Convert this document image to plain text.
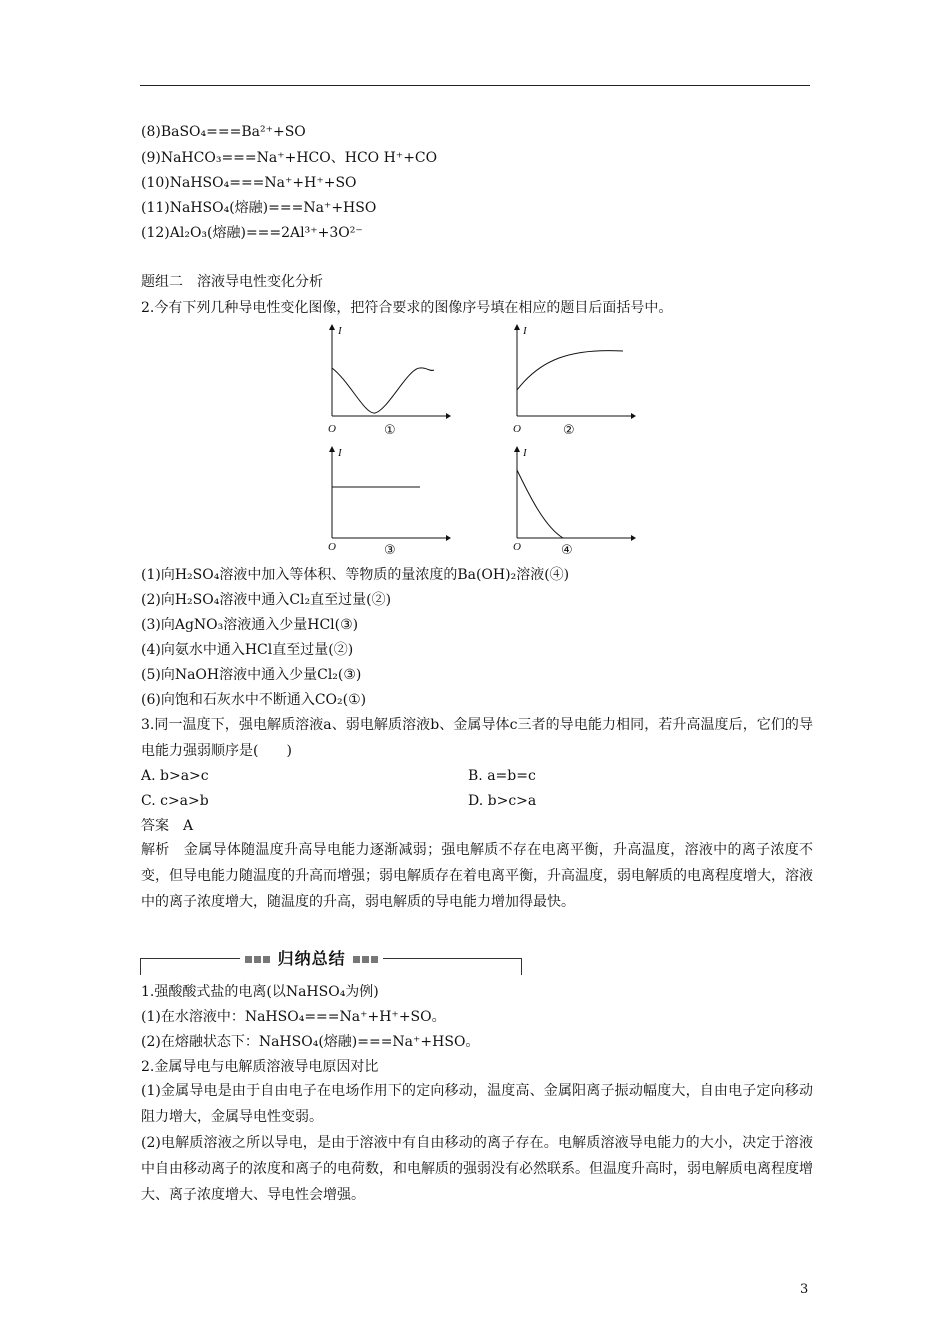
(8)BaSO₄===Ba²⁺+SO
(9)NaHCO₃===Na⁺+HCO、HCO H⁺+CO
(10)NaHSO₄===Na⁺+H⁺+SO
(11)NaHSO₄(熔融)===Na⁺+HSO
(12)Al₂O₃(熔融)===2Al³⁺+3O²⁻
题组二　溶液导电性变化分析
2.今有下列几种导电性变化图像，把符合要求的图像序号填在相应的题目后面括号中。
I
O	①
I
O	②
I
O	③
I
O	④
(1)向H₂SO₄溶液中加入等体积、等物质的量浓度的Ba(OH)₂溶液(④)
(2)向H₂SO₄溶液中通入Cl₂直至过量(②)
(3)向AgNO₃溶液通入少量HCl(③)
(4)向氨水中通入HCl直至过量(②)
(5)向NaOH溶液中通入少量Cl₂(③)
(6)向饱和石灰水中不断通入CO₂(①)
3.同一温度下，强电解质溶液a、弱电解质溶液b、金属导体c三者的导电能力相同，若升高温度后，它们的导电能力强弱顺序是(　　)
A. b>a>c	B. a=b=c
C. c>a>b	D. b>c>a
答案　A
解析　金属导体随温度升高导电能力逐渐减弱；强电解质不存在电离平衡，升高温度，溶液中的离子浓度不变，但导电能力随温度的升高而增强；弱电解质存在着电离平衡，升高温度，弱电解质的电离程度增大，溶液中的离子浓度增大，随温度的升高，弱电解质的导电能力增加得最快。
归纳总结
1.强酸酸式盐的电离(以NaHSO₄为例)
(1)在水溶液中：NaHSO₄===Na⁺+H⁺+SO。
(2)在熔融状态下：NaHSO₄(熔融)===Na⁺+HSO。
2.金属导电与电解质溶液导电原因对比
(1)金属导电是由于自由电子在电场作用下的定向移动，温度高、金属阳离子振动幅度大，自由电子定向移动阻力增大，金属导电性变弱。
(2)电解质溶液之所以导电，是由于溶液中有自由移动的离子存在。电解质溶液导电能力的大小，决定于溶液中自由移动离子的浓度和离子的电荷数，和电解质的强弱没有必然联系。但温度升高时，弱电解质电离程度增大、离子浓度增大、导电性会增强。
3
